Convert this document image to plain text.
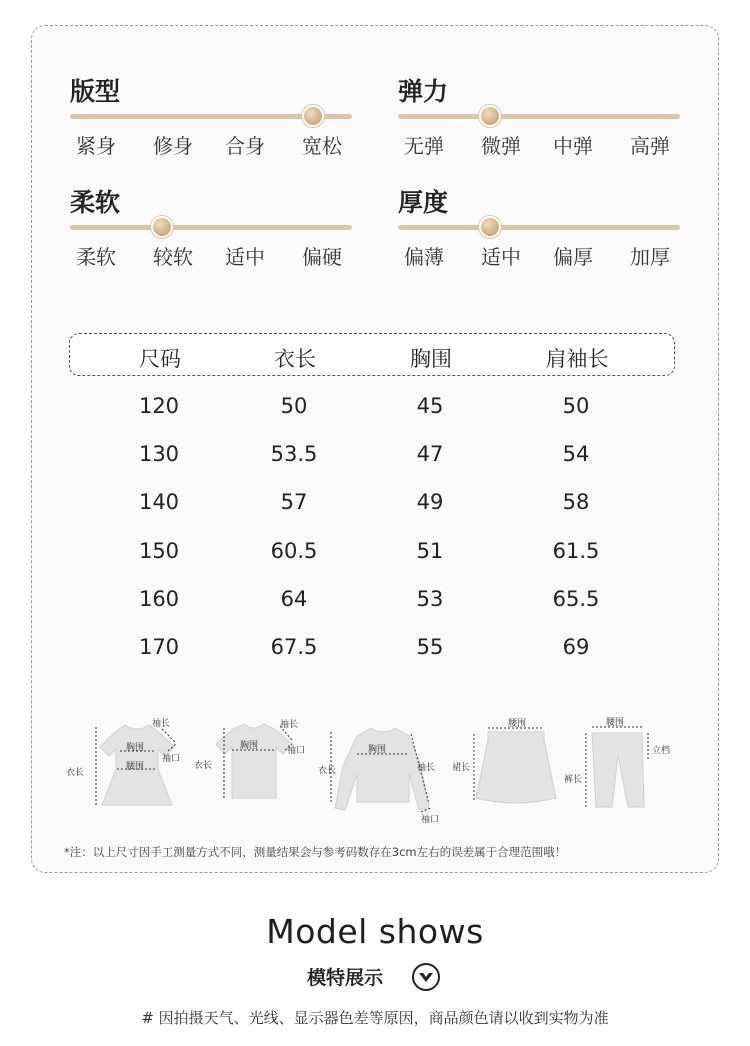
版型
紧身	修身	合身	宽松
弹力
无弹	微弹	中弹	高弹
柔软
柔软	较软	适中	偏硬
厚度
偏薄	适中	偏厚	加厚
尺码	衣长	胸围	肩袖长
120	50	45	50
130	53.5	47	54
140	57	49	58
150	60.5	51	61.5
160	64	53	65.5
170	67.5	55	69
袖长
胸围
袖口
衣长
腰围
袖长
胸围	袖口
衣长
胸围
衣长	袖长
袖口
腰围
裙长
腰围
裤长
立档
*注：以上尺寸因手工测量方式不同，测量结果会与参考码数存在3cm左右的误差属于合理范围哦！
Model shows
模特展示
# 因拍摄天气、光线、显示器色差等原因，商品颜色请以收到实物为准
